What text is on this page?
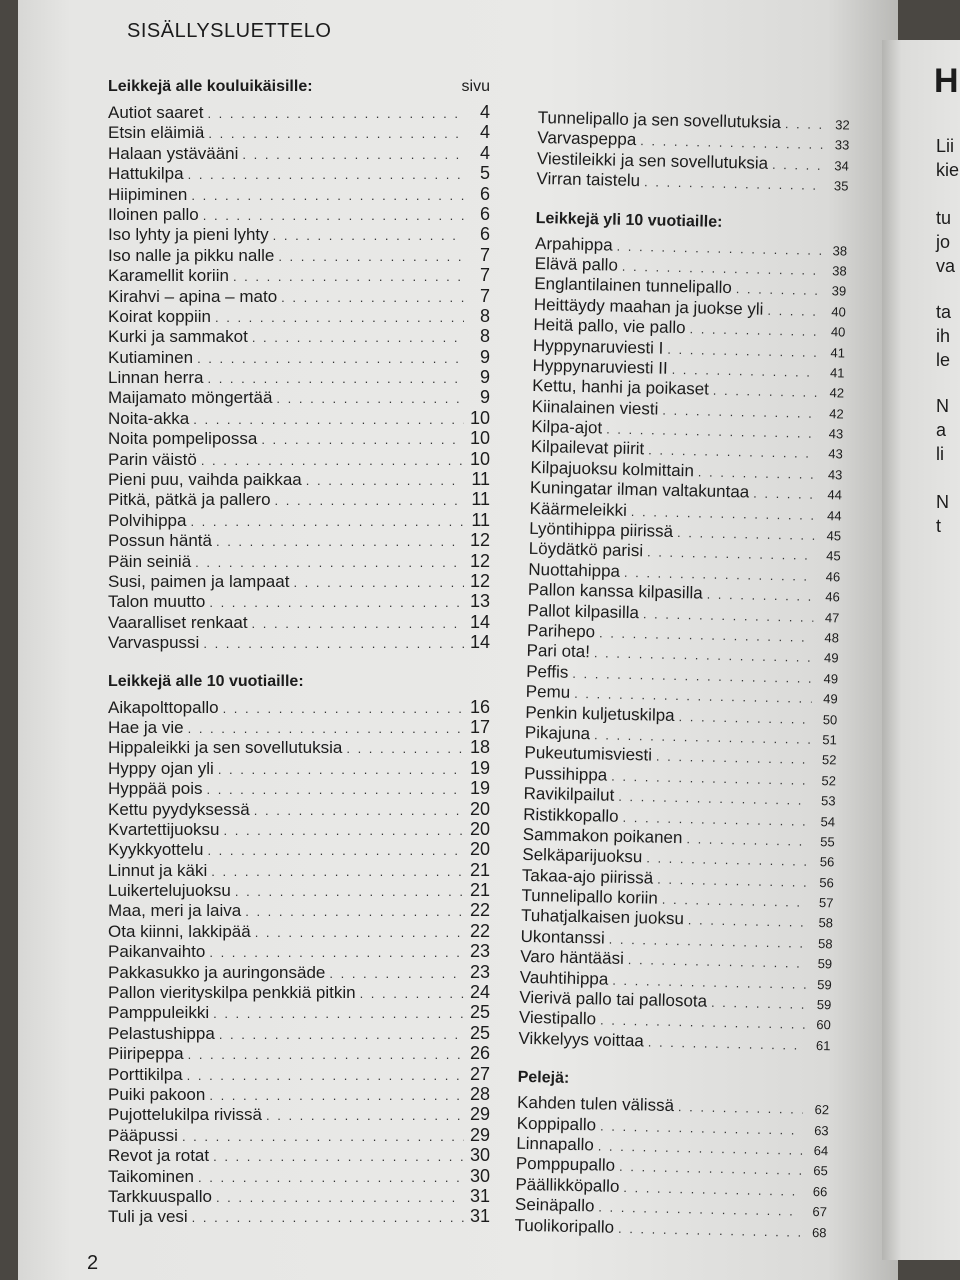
H
Lii
kie
tu
jo
va
ta
ih
le
N
a
li
N
t
SISÄLLYSLUETTELO
Leikkejä alle kouluikäisille:	sivu
Autiot saaret . . .	4
Etsin eläimiä . . .	4
Halaan ystävääni . . .	4
Hattukilpa . . .	5
Hiipiminen . . .	6
Iloinen pallo . . .	6
Iso lyhty ja pieni lyhty . . .	6
Iso nalle ja pikku nalle . . .	7
Karamellit koriin . . .	7
Kirahvi – apina – mato . . .	7
Koirat koppiin . . .	8
Kurki ja sammakot . . .	8
Kutiaminen . . .	9
Linnan herra . . .	9
Maijamato möngertää . . .	9
Noita-akka . . .	10
Noita pompelipossa . . .	10
Parin väistö . . .	10
Pieni puu, vaihda paikkaa . . .	11
Pitkä, pätkä ja pallero . . .	11
Polvihippa . . .	11
Possun häntä . . .	12
Päin seiniä . . .	12
Susi, paimen ja lampaat . . .	12
Talon muutto . . .	13
Vaaralliset renkaat . . .	14
Varvaspussi . . .	14
Leikkejä alle 10 vuotiaille:
Aikapolttopallo . . .	16
Hae ja vie . . .	17
Hippaleikki ja sen sovellutuksia . . .	18
Hyppy ojan yli . . .	19
Hyppää pois . . .	19
Kettu pyydyksessä . . .	20
Kvartettijuoksu . . .	20
Kyykkyottelu . . .	20
Linnut ja käki . . .	21
Luikertelujuoksu . . .	21
Maa, meri ja laiva . . .	22
Ota kiinni, lakkipää . . .	22
Paikanvaihto . . .	23
Pakkasukko ja auringonsäde . . .	23
Pallon vierityskilpa penkkiä pitkin . . .	24
Pamppuleikki . . .	25
Pelastushippa . . .	25
Piiripeppa . . .	26
Porttikilpa . . .	27
Puiki pakoon . . .	28
Pujottelukilpa rivissä . . .	29
Pääpussi . . .	29
Revot ja rotat . . .	30
Taikominen . . .	30
Tarkkuuspallo . . .	31
Tuli ja vesi . . .	31
Tunnelipallo ja sen sovellutuksia . . .	32
Varvaspeppa . . .	33
Viestileikki ja sen sovellutuksia . . .	34
Virran taistelu . . .	35
Leikkejä yli 10 vuotiaille:
Arpahippa . . .	38
Elävä pallo . . .	38
Englantilainen tunnelipallo . . .	39
Heittäydy maahan ja juokse yli . . .	40
Heitä pallo, vie pallo . . .	40
Hyppynaruviesti I . . .	41
Hyppynaruviesti II . . .	41
Kettu, hanhi ja poikaset . . .	42
Kiinalainen viesti . . .	42
Kilpa-ajot . . .	43
Kilpailevat piirit . . .	43
Kilpajuoksu kolmittain . . .	43
Kuningatar ilman valtakuntaa . . .	44
Käärmeleikki . . .	44
Lyöntihippa piirissä . . .	45
Löydätkö parisi . . .	45
Nuottahippa . . .	46
Pallon kanssa kilpasilla . . .	46
Pallot kilpasilla . . .	47
Parihepo . . .	48
Pari ota! . . .	49
Peffis . . .	49
Pemu . . .	49
Penkin kuljetuskilpa . . .	50
Pikajuna . . .	51
Pukeutumisviesti . . .	52
Pussihippa . . .	52
Ravikilpailut . . .	53
Ristikkopallo . . .	54
Sammakon poikanen . . .	55
Selkäparijuoksu . . .	56
Takaa-ajo piirissä . . .	56
Tunnelipallo koriin . . .	57
Tuhatjalkaisen juoksu . . .	58
Ukontanssi . . .	58
Varo häntääsi . . .	59
Vauhtihippa . . .	59
Vierivä pallo tai pallosota . . .	59
Viestipallo . . .	60
Vikkelyys voittaa . . .	61
Pelejä:
Kahden tulen välissä . . .	62
Koppipallo . . .	63
Linnapallo . . .	64
Pomppupallo . . .	65
Päällikköpallo . . .	66
Seinäpallo . . .	67
Tuolikoripallo . . .	68
2
